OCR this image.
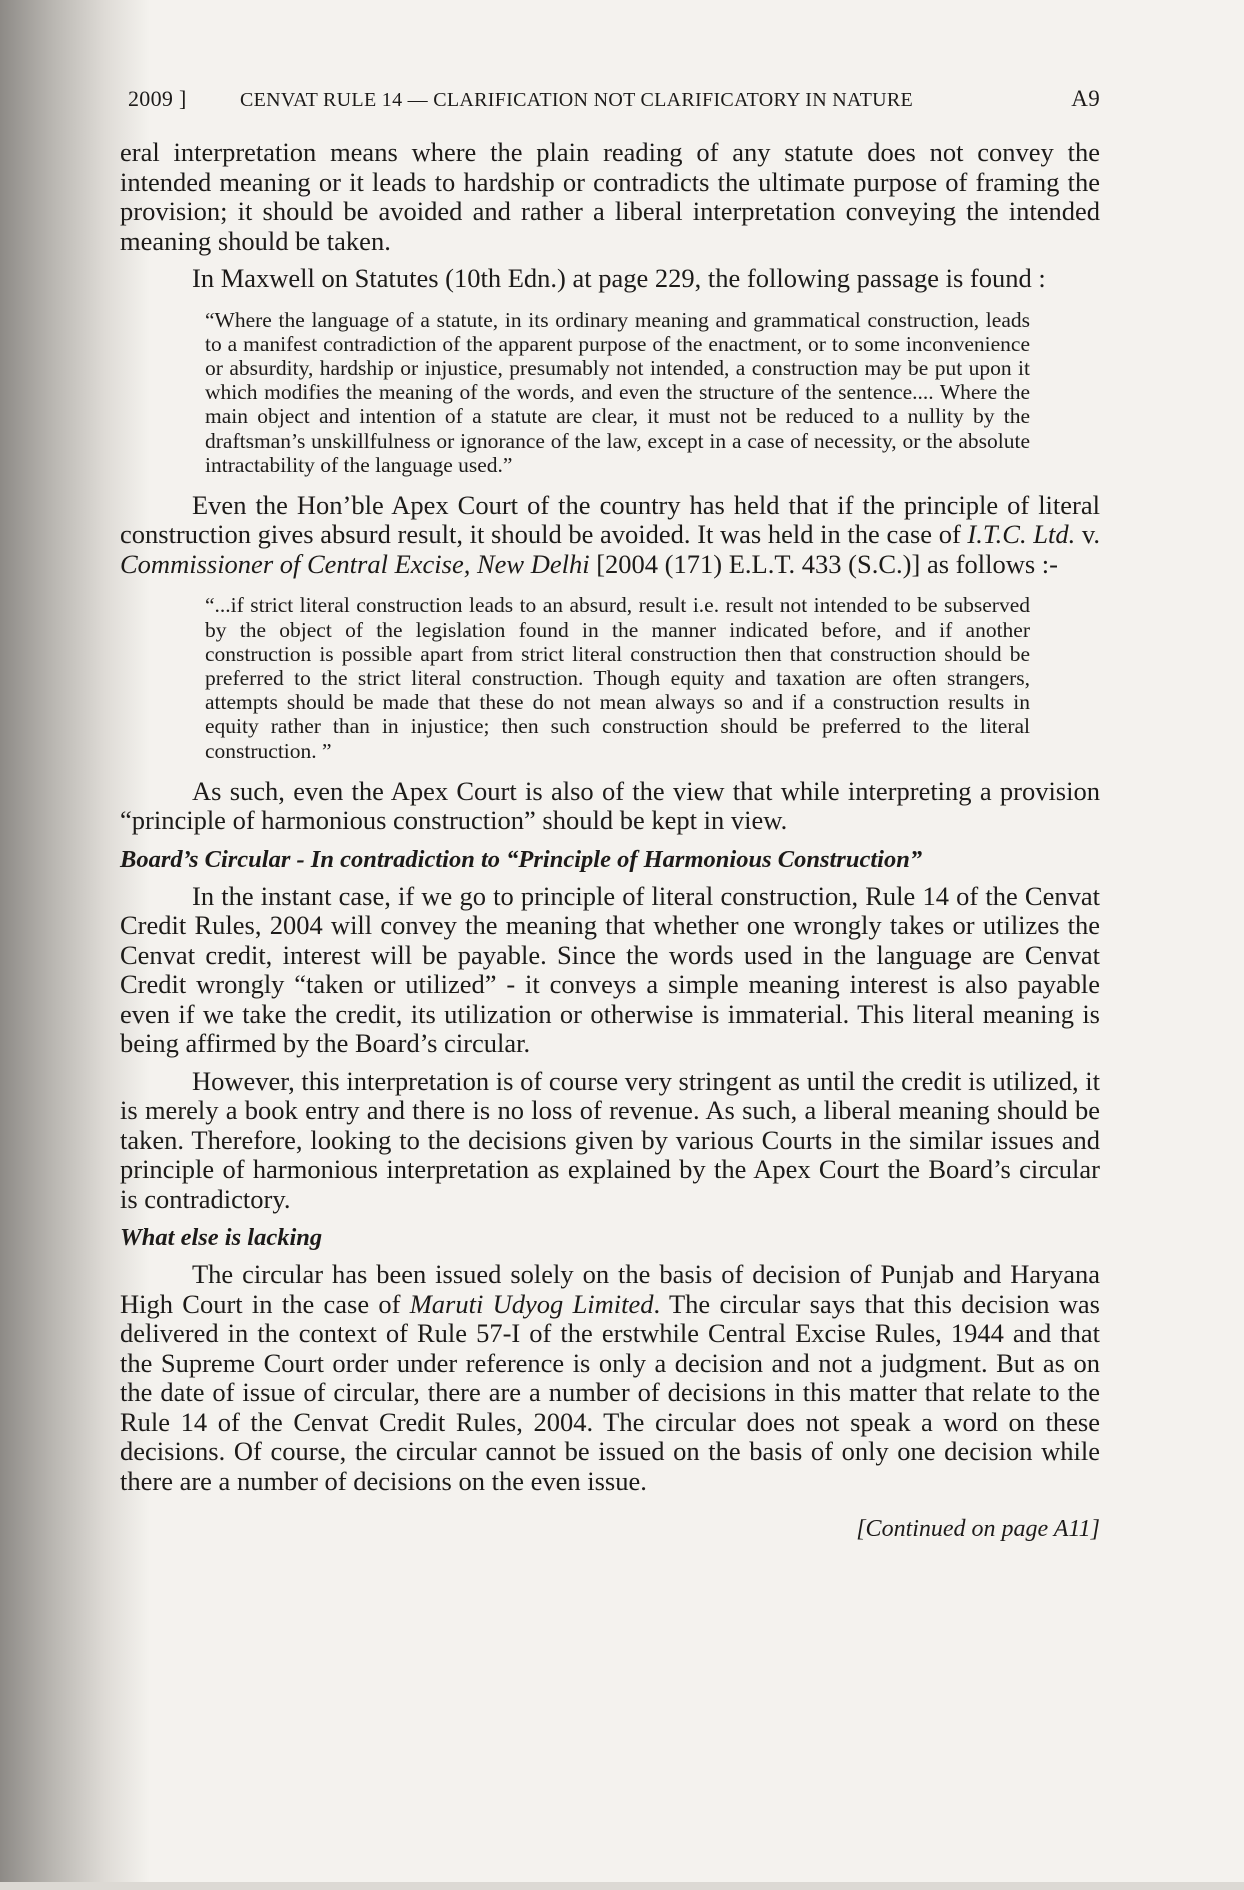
2009 ]	CENVAT RULE 14 — CLARIFICATION NOT CLARIFICATORY IN NATURE	A9

eral interpretation means where the plain reading of any statute does not convey the intended meaning or it leads to hardship or contradicts the ultimate purpose of framing the provision; it should be avoided and rather a liberal interpretation conveying the intended meaning should be taken.

In Maxwell on Statutes (10th Edn.) at page 229, the following passage is found :

“Where the language of a statute, in its ordinary meaning and grammatical construction, leads to a manifest contradiction of the apparent purpose of the enactment, or to some inconvenience or absurdity, hardship or injustice, presumably not intended, a construction may be put upon it which modifies the meaning of the words, and even the structure of the sentence.... Where the main object and intention of a statute are clear, it must not be reduced to a nullity by the draftsman’s unskillfulness or ignorance of the law, except in a case of necessity, or the absolute intractability of the language used.”

Even the Hon’ble Apex Court of the country has held that if the principle of literal construction gives absurd result, it should be avoided. It was held in the case of I.T.C. Ltd. v. Commissioner of Central Excise, New Delhi [2004 (171) E.L.T. 433 (S.C.)] as follows :-

“...if strict literal construction leads to an absurd, result i.e. result not intended to be subserved by the object of the legislation found in the manner indicated before, and if another construction is possible apart from strict literal construction then that construction should be preferred to the strict literal construction. Though equity and taxation are often strangers, attempts should be made that these do not mean always so and if a construction results in equity rather than in injustice; then such construction should be preferred to the literal construction. ”

As such, even the Apex Court is also of the view that while interpreting a provision “principle of harmonious construction” should be kept in view.

Board’s Circular - In contradiction to “Principle of Harmonious Construction”

In the instant case, if we go to principle of literal construction, Rule 14 of the Cenvat Credit Rules, 2004 will convey the meaning that whether one wrongly takes or utilizes the Cenvat credit, interest will be payable. Since the words used in the language are Cenvat Credit wrongly “taken or utilized” - it conveys a simple meaning interest is also payable even if we take the credit, its utilization or otherwise is immaterial. This literal meaning is being affirmed by the Board’s circular.

However, this interpretation is of course very stringent as until the credit is utilized, it is merely a book entry and there is no loss of revenue. As such, a liberal meaning should be taken. Therefore, looking to the decisions given by various Courts in the similar issues and principle of harmonious interpretation as explained by the Apex Court the Board’s circular is contradictory.

What else is lacking

The circular has been issued solely on the basis of decision of Punjab and Haryana High Court in the case of Maruti Udyog Limited. The circular says that this decision was delivered in the context of Rule 57-I of the erstwhile Central Excise Rules, 1944 and that the Supreme Court order under reference is only a decision and not a judgment. But as on the date of issue of circular, there are a number of decisions in this matter that relate to the Rule 14 of the Cenvat Credit Rules, 2004. The circular does not speak a word on these decisions. Of course, the circular cannot be issued on the basis of only one decision while there are a number of decisions on the even issue.

[Continued on page A11]
